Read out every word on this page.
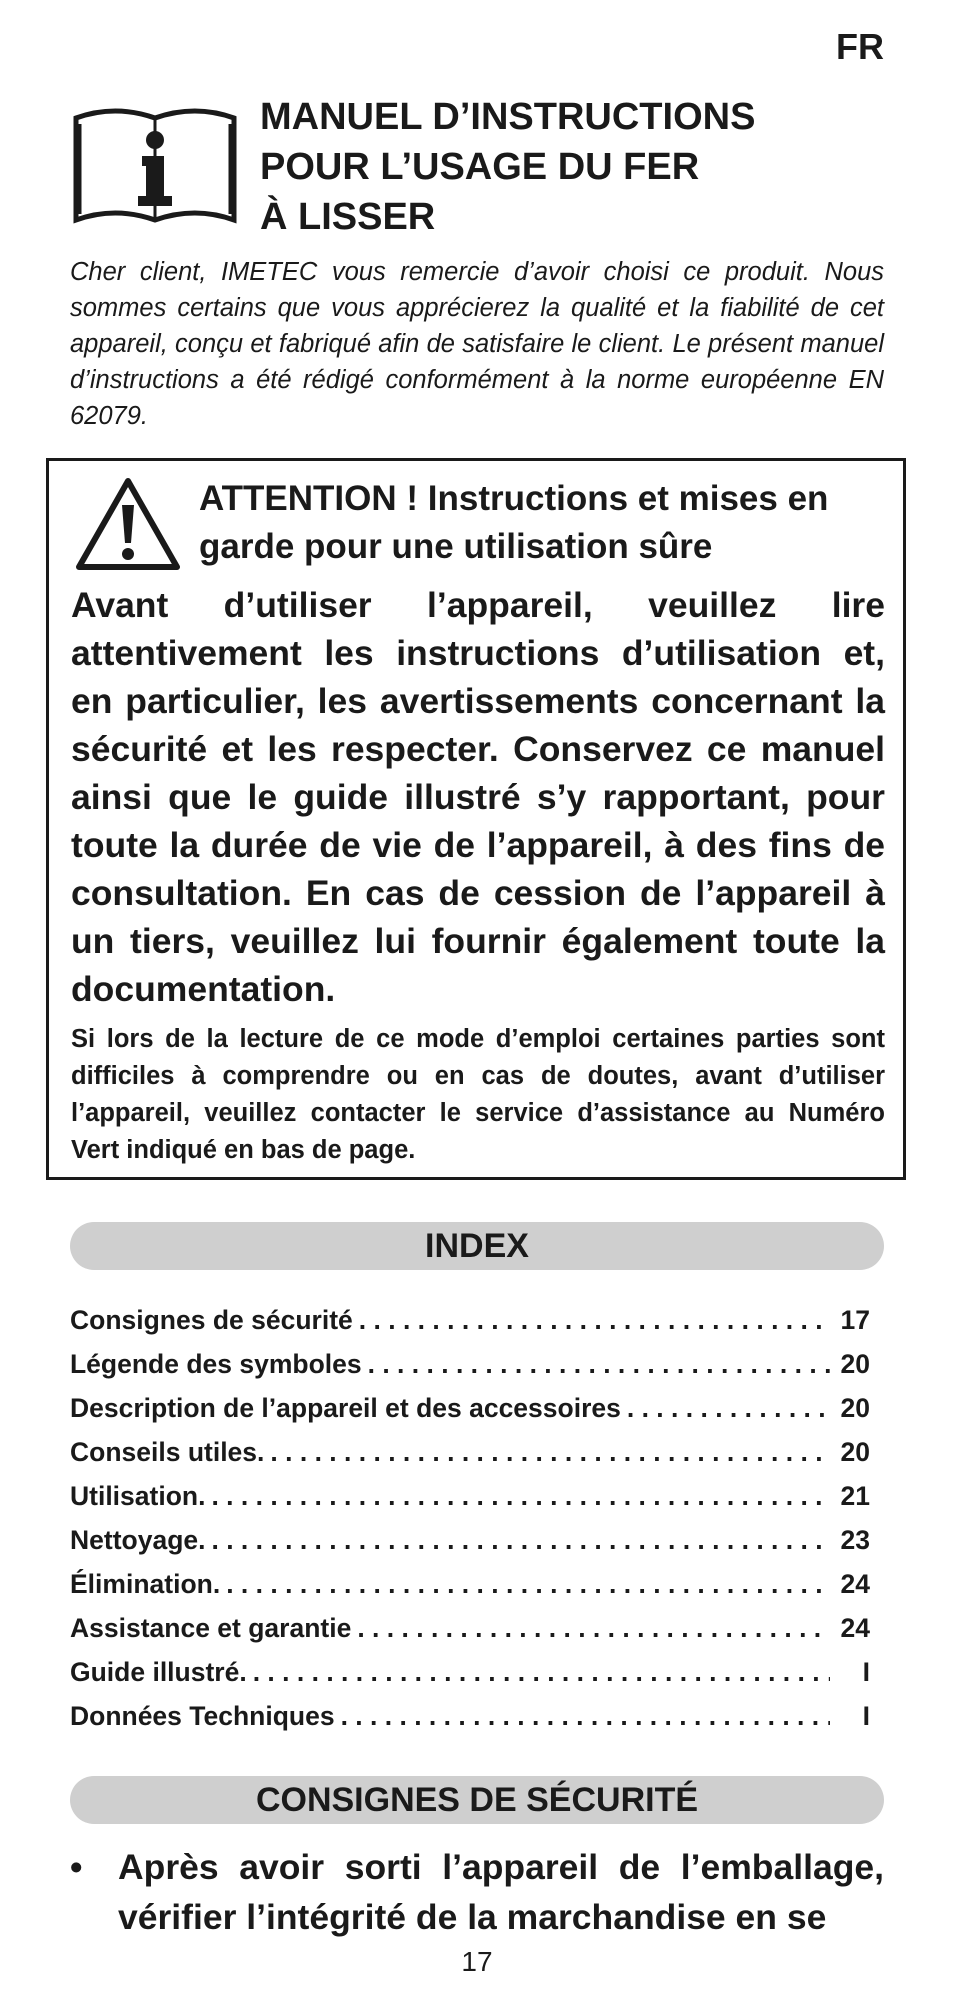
FR
MANUEL D’INSTRUCTIONS
POUR L’USAGE DU FER
À LISSER
Cher client, IMETEC vous remercie d’avoir choisi ce produit. Nous sommes certains que vous apprécierez la qualité et la fiabilité de cet appareil, conçu et fabriqué afin de satisfaire le client. Le présent manuel d’instructions a été rédigé conformément à la norme européenne EN 62079.
ATTENTION ! Instructions et mises en garde pour une utilisation sûre
Avant d’utiliser l’appareil, veuillez lire attentivement les instructions d’utilisation et, en particulier, les avertissements concernant la sécurité et les respecter. Conservez ce manuel ainsi que le guide illustré s’y rapportant, pour toute la durée de vie de l’appareil, à des fins de consultation. En cas de cession de l’appareil à un tiers, veuillez lui fournir également toute la documentation.
Si lors de la lecture de ce mode d’emploi certaines parties sont difficiles à comprendre ou en cas de doutes, avant d’utiliser l’appareil, veuillez contacter le service d’assistance au Numéro Vert indiqué en bas de page.
INDEX
Consignes de sécurité . . .	17
Légende des symboles . . .	20
Description de l’appareil et des accessoires . . .	20
Conseils utiles. . . .	20
Utilisation. . . .	21
Nettoyage. . . .	23
Élimination. . . .	24
Assistance et garantie . . .	24
Guide illustré. . . .	I
Données Techniques . . .	I
CONSIGNES DE SÉCURITÉ
• Après avoir sorti l’appareil de l’emballage, vérifier l’intégrité de la marchandise en se
17
